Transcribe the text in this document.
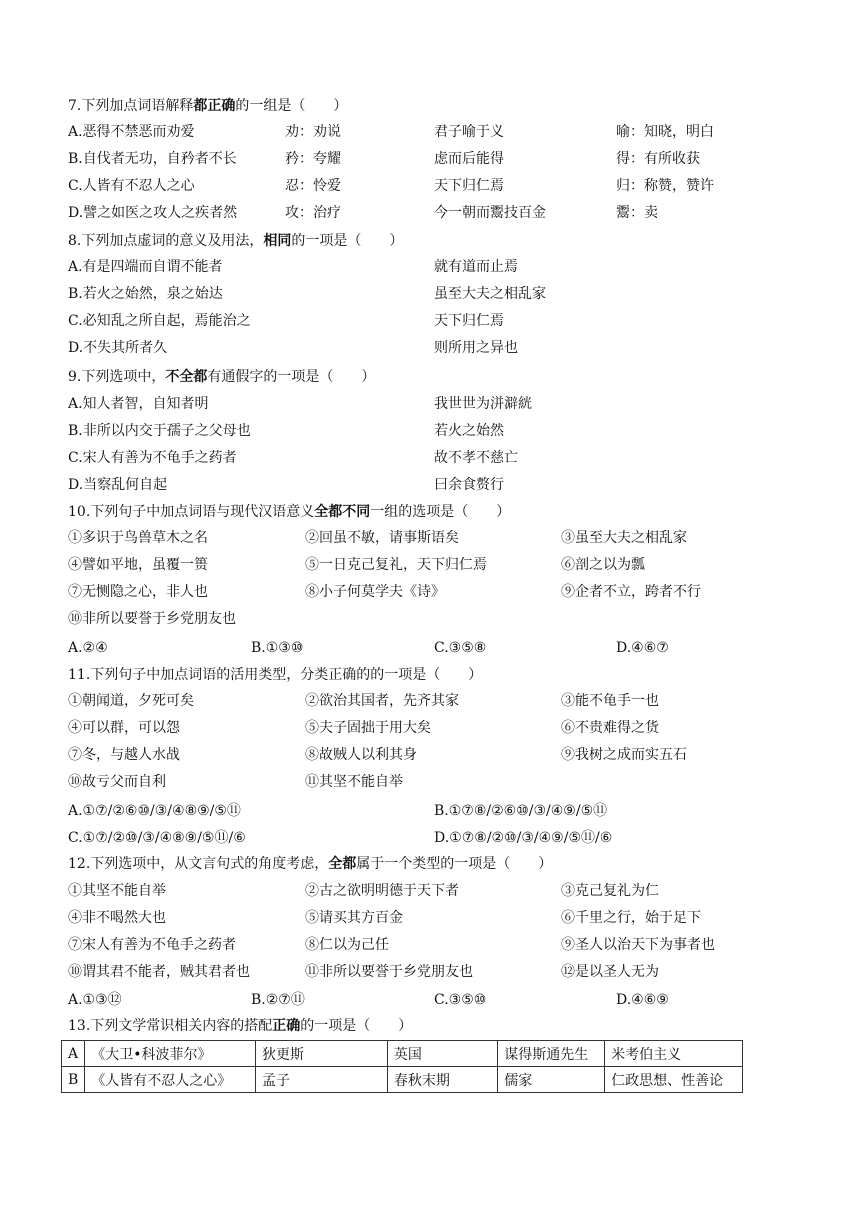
7.下列加点词语解释都正确的一组是（　　）
A.恶得不禁恶而劝爱	劝：劝说	君子喻于义	喻：知晓，明白
B.自伐者无功，自矜者不长	矜：夸耀	虑而后能得	得：有所收获
C.人皆有不忍人之心	忍：怜爱	天下归仁焉	归：称赞，赞许
D.譬之如医之攻人之疾者然	攻：治疗	今一朝而鬻技百金	鬻：卖
8.下列加点虚词的意义及用法，相同的一项是（　　）
A.有是四端而自谓不能者	就有道而止焉
B.若火之始然，泉之始达	虽至大夫之相乱家
C.必知乱之所自起，焉能治之	天下归仁焉
D.不失其所者久	则所用之异也
9.下列选项中，不全都有通假字的一项是（　　）
A.知人者智，自知者明	我世世为洴澼絖
B.非所以内交于孺子之父母也	若火之始然
C.宋人有善为不龟手之药者	故不孝不慈亡
D.当察乱何自起	曰余食赘行
10.下列句子中加点词语与现代汉语意义全都不同一组的选项是（　　）
①多识于鸟兽草木之名	②回虽不敏，请事斯语矣	③虽至大夫之相乱家
④譬如平地，虽覆一篑	⑤一日克己复礼，天下归仁焉	⑥剖之以为瓢
⑦无恻隐之心，非人也	⑧小子何莫学夫《诗》	⑨企者不立，跨者不行
⑩非所以要誉于乡党朋友也
A.②④	B.①③⑩	C.③⑤⑧	D.④⑥⑦
11.下列句子中加点词语的活用类型，分类正确的的一项是（　　）
①朝闻道，夕死可矣	②欲治其国者，先齐其家	③能不龟手一也
④可以群，可以怨	⑤夫子固拙于用大矣	⑥不贵难得之货
⑦冬，与越人水战	⑧故贼人以利其身	⑨我树之成而实五石
⑩故亏父而自利	⑪其坚不能自举
A.①⑦/②⑥⑩/③/④⑧⑨/⑤⑪	B.①⑦⑧/②⑥⑩/③/④⑨/⑤⑪
C.①⑦/②⑩/③/④⑧⑨/⑤⑪/⑥	D.①⑦⑧/②⑩/③/④⑨/⑤⑪/⑥
12.下列选项中，从文言句式的角度考虑，全都属于一个类型的一项是（　　）
①其坚不能自举	②古之欲明明德于天下者	③克己复礼为仁
④非不喝然大也	⑤请买其方百金	⑥千里之行，始于足下
⑦宋人有善为不龟手之药者	⑧仁以为己任	⑨圣人以治天下为事者也
⑩谓其君不能者，贼其君者也	⑪非所以要誉于乡党朋友也	⑫是以圣人无为
A.①③⑫	B.②⑦⑪	C.③⑤⑩	D.④⑥⑨
13.下列文学常识相关内容的搭配正确的一项是（　　）
A	《大卫•科波菲尔》	狄更斯	英国	谋得斯通先生	米考伯主义
B	《人皆有不忍人之心》	孟子	春秋末期	儒家	仁政思想、性善论
